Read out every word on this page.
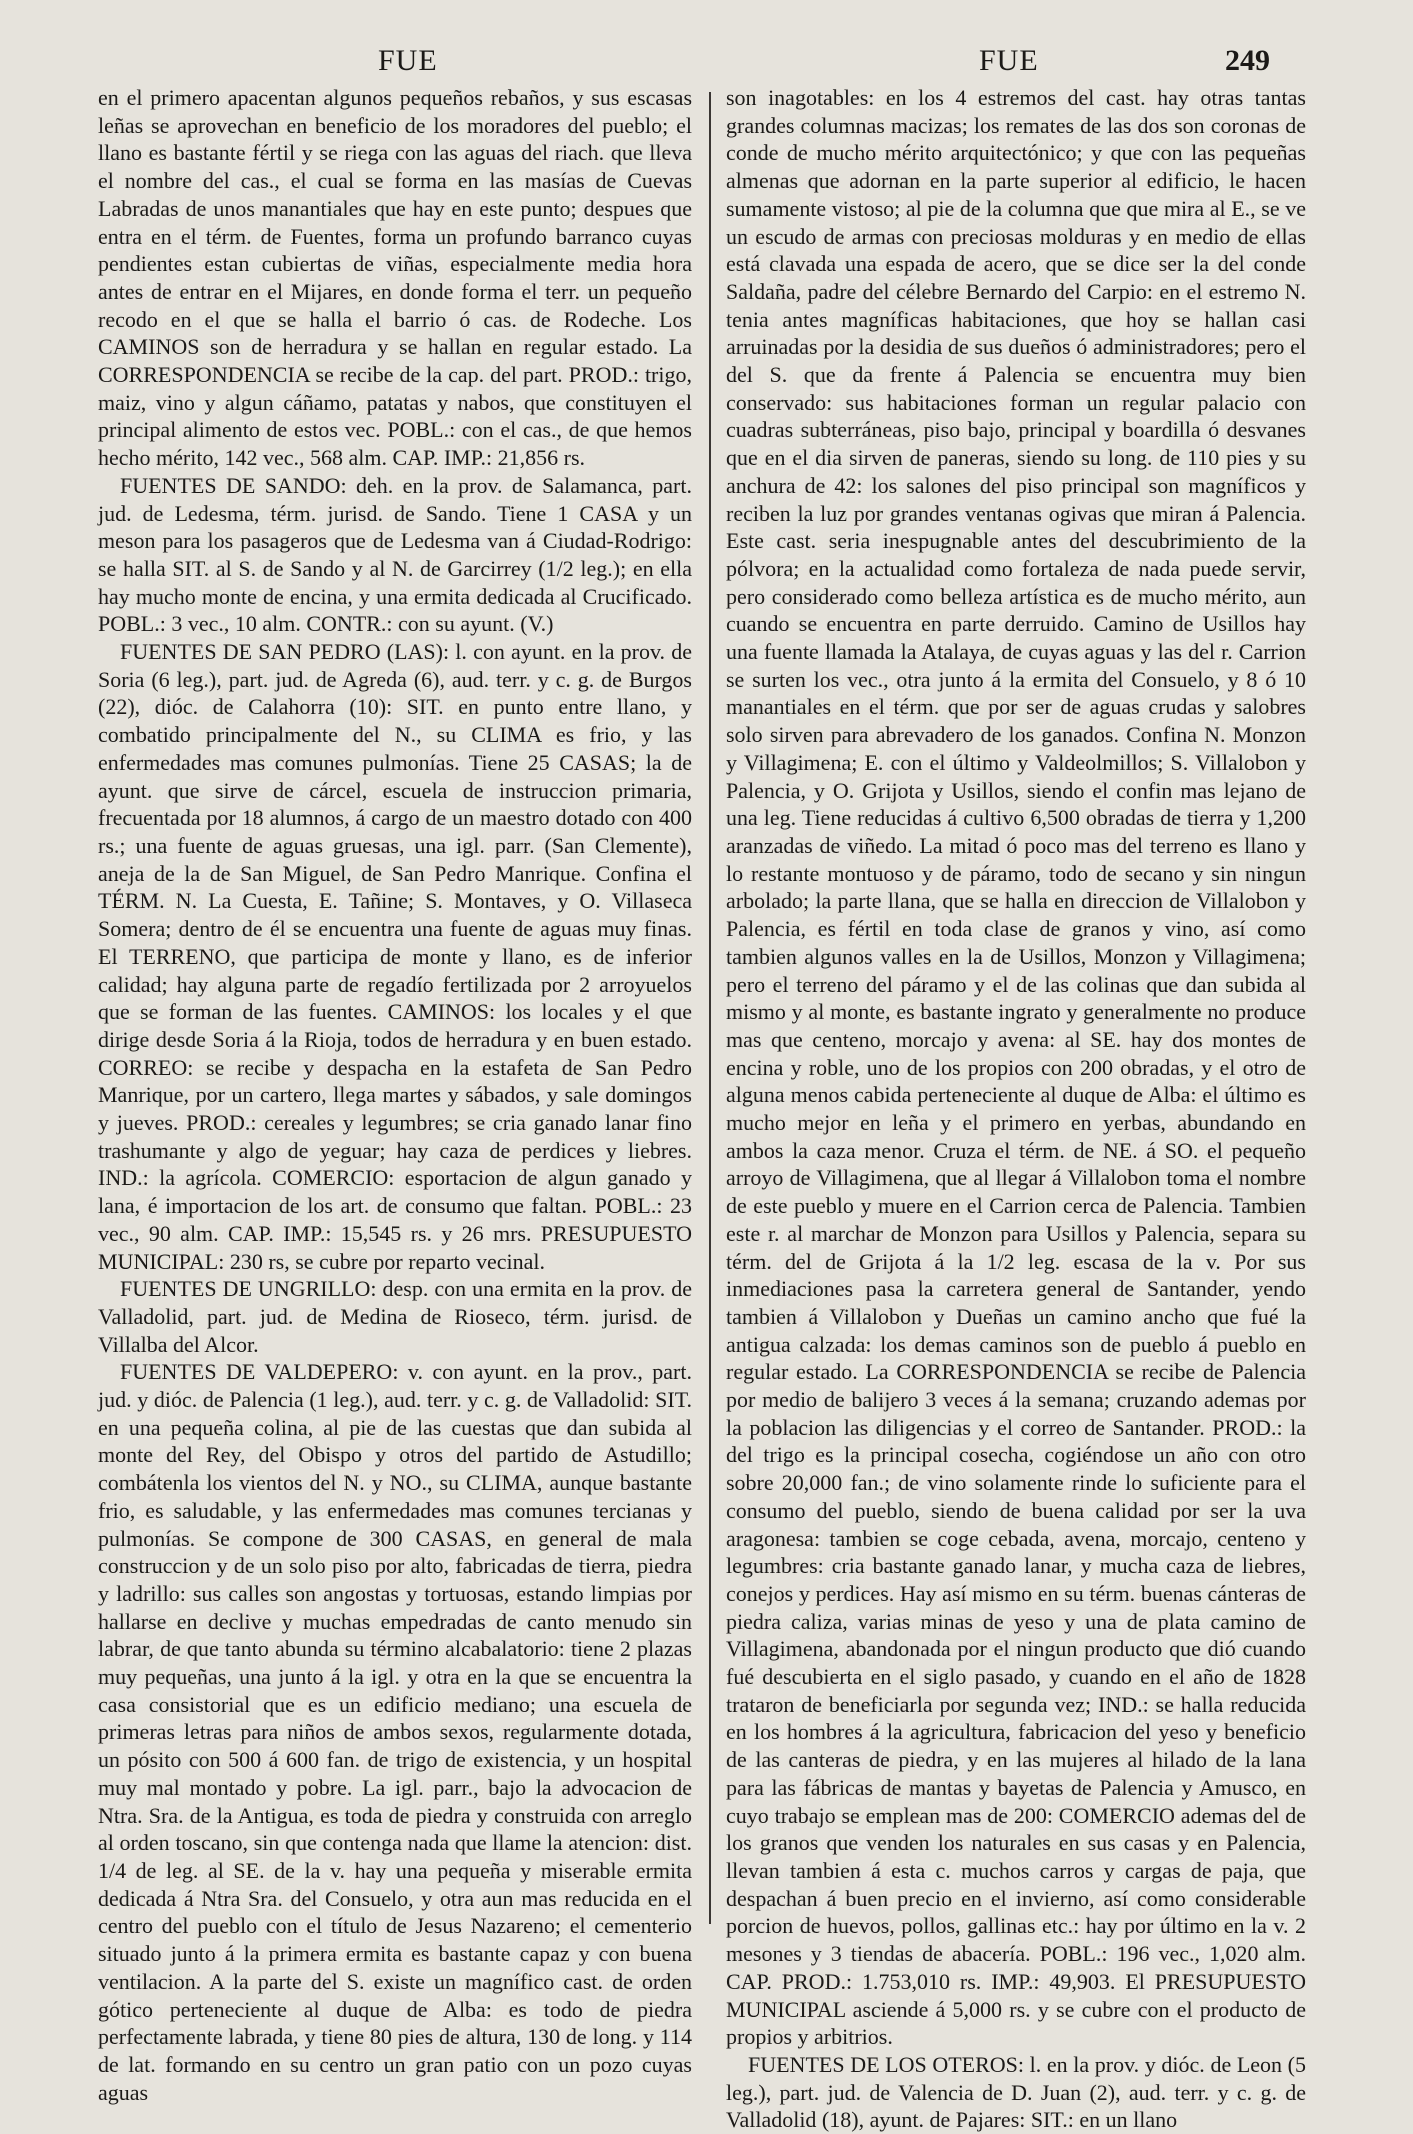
FUE	FUE	249

en el primero apacentan algunos pequeños rebaños, y sus escasas leñas se aprovechan en beneficio de los moradores del pueblo; el llano es bastante fértil y se riega con las aguas del riach. que lleva el nombre del cas., el cual se forma en las masías de Cuevas Labradas de unos manantiales que hay en este punto; despues que entra en el térm. de Fuentes, forma un profundo barranco cuyas pendientes estan cubiertas de viñas, especialmente media hora antes de entrar en el Mijares, en donde forma el terr. un pequeño recodo en el que se halla el barrio ó cas. de Rodeche. Los CAMINOS son de herradura y se hallan en regular estado. La CORRESPONDENCIA se recibe de la cap. del part. PROD.: trigo, maiz, vino y algun cáñamo, patatas y nabos, que constituyen el principal alimento de estos vec. POBL.: con el cas., de que hemos hecho mérito, 142 vec., 568 alm. CAP. IMP.: 21,856 rs.

FUENTES DE SANDO: deh. en la prov. de Salamanca, part. jud. de Ledesma, térm. jurisd. de Sando. Tiene 1 CASA y un meson para los pasageros que de Ledesma van á Ciudad-Rodrigo: se halla SIT. al S. de Sando y al N. de Garcirrey (1/2 leg.); en ella hay mucho monte de encina, y una ermita dedicada al Crucificado. POBL.: 3 vec., 10 alm. CONTR.: con su ayunt. (V.)

FUENTES DE SAN PEDRO (LAS): l. con ayunt. en la prov. de Soria (6 leg.), part. jud. de Agreda (6), aud. terr. y c. g. de Burgos (22), dióc. de Calahorra (10): SIT. en punto entre llano, y combatido principalmente del N., su CLIMA es frio, y las enfermedades mas comunes pulmonías. Tiene 25 CASAS; la de ayunt. que sirve de cárcel, escuela de instruccion primaria, frecuentada por 18 alumnos, á cargo de un maestro dotado con 400 rs.; una fuente de aguas gruesas, una igl. parr. (San Clemente), aneja de la de San Miguel, de San Pedro Manrique. Confina el TÉRM. N. La Cuesta, E. Tañine; S. Montaves, y O. Villaseca Somera; dentro de él se encuentra una fuente de aguas muy finas. El TERRENO, que participa de monte y llano, es de inferior calidad; hay alguna parte de regadío fertilizada por 2 arroyuelos que se forman de las fuentes. CAMINOS: los locales y el que dirige desde Soria á la Rioja, todos de herradura y en buen estado. CORREO: se recibe y despacha en la estafeta de San Pedro Manrique, por un cartero, llega martes y sábados, y sale domingos y jueves. PROD.: cereales y legumbres; se cria ganado lanar fino trashumante y algo de yeguar; hay caza de perdices y liebres. IND.: la agrícola. COMERCIO: esportacion de algun ganado y lana, é importacion de los art. de consumo que faltan. POBL.: 23 vec., 90 alm. CAP. IMP.: 15,545 rs. y 26 mrs. PRESUPUESTO MUNICIPAL: 230 rs, se cubre por reparto vecinal.

FUENTES DE UNGRILLO: desp. con una ermita en la prov. de Valladolid, part. jud. de Medina de Rioseco, térm. jurisd. de Villalba del Alcor.

FUENTES DE VALDEPERO: v. con ayunt. en la prov., part. jud. y dióc. de Palencia (1 leg.), aud. terr. y c. g. de Valladolid: SIT. en una pequeña colina, al pie de las cuestas que dan subida al monte del Rey, del Obispo y otros del partido de Astudillo; combátenla los vientos del N. y NO., su CLIMA, aunque bastante frio, es saludable, y las enfermedades mas comunes tercianas y pulmonías. Se compone de 300 CASAS, en general de mala construccion y de un solo piso por alto, fabricadas de tierra, piedra y ladrillo: sus calles son angostas y tortuosas, estando limpias por hallarse en declive y muchas empedradas de canto menudo sin labrar, de que tanto abunda su término alcabalatorio: tiene 2 plazas muy pequeñas, una junto á la igl. y otra en la que se encuentra la casa consistorial que es un edificio mediano; una escuela de primeras letras para niños de ambos sexos, regularmente dotada, un pósito con 500 á 600 fan. de trigo de existencia, y un hospital muy mal montado y pobre. La igl. parr., bajo la advocacion de Ntra. Sra. de la Antigua, es toda de piedra y construida con arreglo al orden toscano, sin que contenga nada que llame la atencion: dist. 1/4 de leg. al SE. de la v. hay una pequeña y miserable ermita dedicada á Ntra Sra. del Consuelo, y otra aun mas reducida en el centro del pueblo con el título de Jesus Nazareno; el cementerio situado junto á la primera ermita es bastante capaz y con buena ventilacion. A la parte del S. existe un magnífico cast. de orden gótico perteneciente al duque de Alba: es todo de piedra perfectamente labrada, y tiene 80 pies de altura, 130 de long. y 114 de lat. formando en su centro un gran patio con un pozo cuyas aguas

son inagotables: en los 4 estremos del cast. hay otras tantas grandes columnas macizas; los remates de las dos son coronas de conde de mucho mérito arquitectónico; y que con las pequeñas almenas que adornan en la parte superior al edificio, le hacen sumamente vistoso; al pie de la columna que que mira al E., se ve un escudo de armas con preciosas molduras y en medio de ellas está clavada una espada de acero, que se dice ser la del conde Saldaña, padre del célebre Bernardo del Carpio: en el estremo N. tenia antes magníficas habitaciones, que hoy se hallan casi arruinadas por la desidia de sus dueños ó administradores; pero el del S. que da frente á Palencia se encuentra muy bien conservado: sus habitaciones forman un regular palacio con cuadras subterráneas, piso bajo, principal y boardilla ó desvanes que en el dia sirven de paneras, siendo su long. de 110 pies y su anchura de 42: los salones del piso principal son magníficos y reciben la luz por grandes ventanas ogivas que miran á Palencia. Este cast. seria inespugnable antes del descubrimiento de la pólvora; en la actualidad como fortaleza de nada puede servir, pero considerado como belleza artística es de mucho mérito, aun cuando se encuentra en parte derruido. Camino de Usillos hay una fuente llamada la Atalaya, de cuyas aguas y las del r. Carrion se surten los vec., otra junto á la ermita del Consuelo, y 8 ó 10 manantiales en el térm. que por ser de aguas crudas y salobres solo sirven para abrevadero de los ganados. Confina N. Monzon y Villagimena; E. con el último y Valdeolmillos; S. Villalobon y Palencia, y O. Grijota y Usillos, siendo el confin mas lejano de una leg. Tiene reducidas á cultivo 6,500 obradas de tierra y 1,200 aranzadas de viñedo. La mitad ó poco mas del terreno es llano y lo restante montuoso y de páramo, todo de secano y sin ningun arbolado; la parte llana, que se halla en direccion de Villalobon y Palencia, es fértil en toda clase de granos y vino, así como tambien algunos valles en la de Usillos, Monzon y Villagimena; pero el terreno del páramo y el de las colinas que dan subida al mismo y al monte, es bastante ingrato y generalmente no produce mas que centeno, morcajo y avena: al SE. hay dos montes de encina y roble, uno de los propios con 200 obradas, y el otro de alguna menos cabida perteneciente al duque de Alba: el último es mucho mejor en leña y el primero en yerbas, abundando en ambos la caza menor. Cruza el térm. de NE. á SO. el pequeño arroyo de Villagimena, que al llegar á Villalobon toma el nombre de este pueblo y muere en el Carrion cerca de Palencia. Tambien este r. al marchar de Monzon para Usillos y Palencia, separa su térm. del de Grijota á la 1/2 leg. escasa de la v. Por sus inmediaciones pasa la carretera general de Santander, yendo tambien á Villalobon y Dueñas un camino ancho que fué la antigua calzada: los demas caminos son de pueblo á pueblo en regular estado. La CORRESPONDENCIA se recibe de Palencia por medio de balijero 3 veces á la semana; cruzando ademas por la poblacion las diligencias y el correo de Santander. PROD.: la del trigo es la principal cosecha, cogiéndose un año con otro sobre 20,000 fan.; de vino solamente rinde lo suficiente para el consumo del pueblo, siendo de buena calidad por ser la uva aragonesa: tambien se coge cebada, avena, morcajo, centeno y legumbres: cria bastante ganado lanar, y mucha caza de liebres, conejos y perdices. Hay así mismo en su térm. buenas cánteras de piedra caliza, varias minas de yeso y una de plata camino de Villagimena, abandonada por el ningun producto que dió cuando fué descubierta en el siglo pasado, y cuando en el año de 1828 trataron de beneficiarla por segunda vez; IND.: se halla reducida en los hombres á la agricultura, fabricacion del yeso y beneficio de las canteras de piedra, y en las mujeres al hilado de la lana para las fábricas de mantas y bayetas de Palencia y Amusco, en cuyo trabajo se emplean mas de 200: COMERCIO ademas del de los granos que venden los naturales en sus casas y en Palencia, llevan tambien á esta c. muchos carros y cargas de paja, que despachan á buen precio en el invierno, así como considerable porcion de huevos, pollos, gallinas etc.: hay por último en la v. 2 mesones y 3 tiendas de abacería. POBL.: 196 vec., 1,020 alm. CAP. PROD.: 1.753,010 rs. IMP.: 49,903. El PRESUPUESTO MUNICIPAL asciende á 5,000 rs. y se cubre con el producto de propios y arbitrios.

FUENTES DE LOS OTEROS: l. en la prov. y dióc. de Leon (5 leg.), part. jud. de Valencia de D. Juan (2), aud. terr. y c. g. de Valladolid (18), ayunt. de Pajares: SIT.: en un llano
